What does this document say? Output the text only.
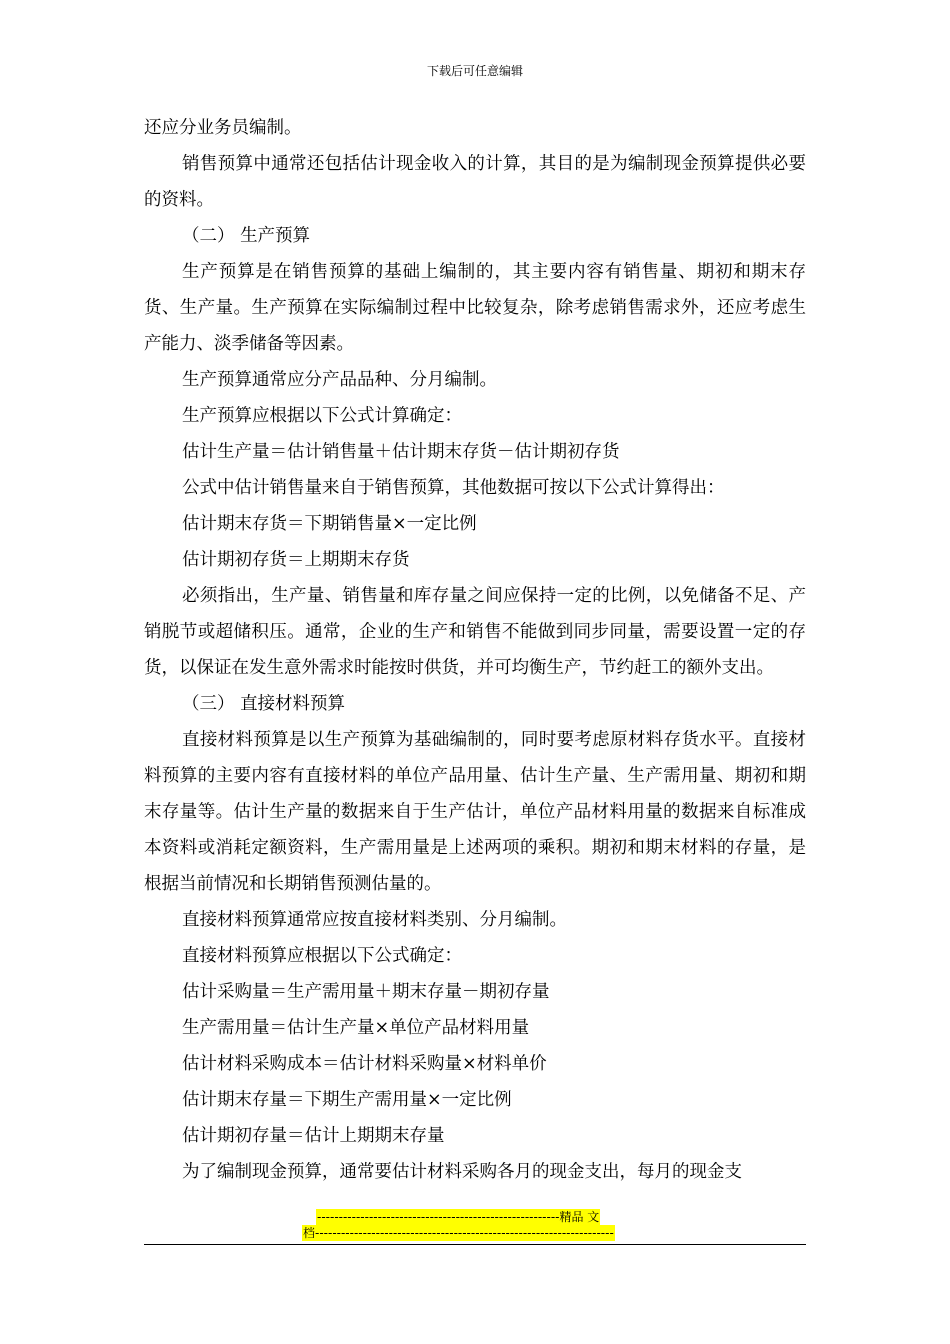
下载后可任意编辑

还应分业务员编制。

销售预算中通常还包括估计现金收入的计算，其目的是为编制现金预算提供必要的资料。

（二） 生产预算

生产预算是在销售预算的基础上编制的，其主要内容有销售量、期初和期末存货、生产量。生产预算在实际编制过程中比较复杂，除考虑销售需求外，还应考虑生产能力、淡季储备等因素。

生产预算通常应分产品品种、分月编制。

生产预算应根据以下公式计算确定：

估计生产量＝估计销售量＋估计期末存货－估计期初存货

公式中估计销售量来自于销售预算，其他数据可按以下公式计算得出：

估计期末存货＝下期销售量×一定比例

估计期初存货＝上期期末存货

必须指出，生产量、销售量和库存量之间应保持一定的比例，以免储备不足、产销脱节或超储积压。通常，企业的生产和销售不能做到同步同量，需要设置一定的存货，以保证在发生意外需求时能按时供货，并可均衡生产，节约赶工的额外支出。

（三） 直接材料预算

直接材料预算是以生产预算为基础编制的，同时要考虑原材料存货水平。直接材料预算的主要内容有直接材料的单位产品用量、估计生产量、生产需用量、期初和期末存量等。估计生产量的数据来自于生产估计，单位产品材料用量的数据来自标准成本资料或消耗定额资料，生产需用量是上述两项的乘积。期初和期末材料的存量，是根据当前情况和长期销售预测估量的。

直接材料预算通常应按直接材料类别、分月编制。

直接材料预算应根据以下公式确定：

估计采购量＝生产需用量＋期末存量－期初存量

生产需用量＝估计生产量×单位产品材料用量

估计材料采购成本＝估计材料采购量×材料单价

估计期末存量＝下期生产需用量×一定比例

估计期初存量＝估计上期期末存量

为了编制现金预算，通常要估计材料采购各月的现金支出，每月的现金支

--------------------------------------------------------精品 文
档---------------------------------------------------------------------
